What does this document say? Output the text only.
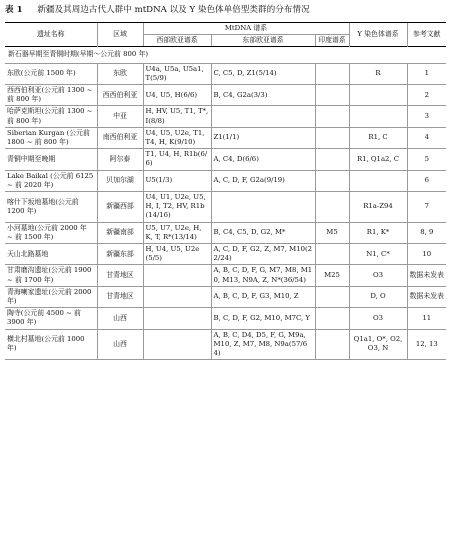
表 1 新疆及其周边古代人群中 mtDNA 以及 Y 染色体单倍型类群的分布情况
遗址名称	区域	MtDNA 谱系			Y 染色体谱系	参考文献
		西部欧亚谱系	东部欧亚谱系	印度谱系		
新石器早期至青铜时期(早期～公元前 800 年)						
东欧(公元前 1500 年)	东欧	U4a, U5a, U5a1, T(5/9)	C, C5, D, Z1(5/14)		R	1
西西伯利亚(公元前 1300 ~ 前 800 年)	西西伯利亚	U4, U5, H(6/6)	B, C4, G2a(3/3)			2
哈萨克斯坦(公元前 1300 ~ 前 800 年)	中亚	H, HV, U5, T1, T*, I(8/8)				3
Siberian Kurgan (公元前 1800 ~ 前 800 年)	南西伯利亚	U4, U5, U2e, T1, T4, H, K(9/10)	Z1(1/1)		R1, C	4
青铜中期至晚期	阿尔泰	T1, U4, H, R1b(6/6)	A, C4, D(6/6)		R1, Q1a2, C	5
Lake Baikal (公元前 6125 ~ 前 2020 年)	贝加尔湖	U5(1/3)	A, C, D, F, G2a(9/19)			6
喀什下坂地墓地(公元前 1200 年)	新疆西部	U4, U1, U2e, U5, H, I, T2, HV, R1b(14/16)			R1a-Z94	7
小河墓地(公元前 2000 年 ~ 前 1500 年)	新疆南部	U5, U7, U2e, H, K, T, R*(13/14)	B, C4, C5, D, G2, M*	M5	R1, K*	8, 9
天山北路墓地	新疆东部	H, U4, U5, U2e(5/5)	A, C, D, F, G2, Z, M7, M10(22/24)		N1, C*	10
甘肃磨沟遗址(公元前 1900 ~ 前 1700 年)	甘青地区		A, B, C, D, F, G, M7, M8, M10, M13, N9A, Z, N*(36/54)	M25	O3	数据未发表
青海喇家遗址(公元前 2000 年)	甘青地区		A, B, C, D, F, G3, M10, Z		D, O	数据未发表
陶寺(公元前 4500 ~ 前 3900 年)	山西		B, C, D, F, G2, M10, M7C, Y		O3	11
横北村墓地(公元前 1000 年)	山西		A, B, C, D4, D5, F, G, M9a, M10, Z, M7, M8, N9a(57/64)		Q1a1, O*, O2, O3, N	12, 13
